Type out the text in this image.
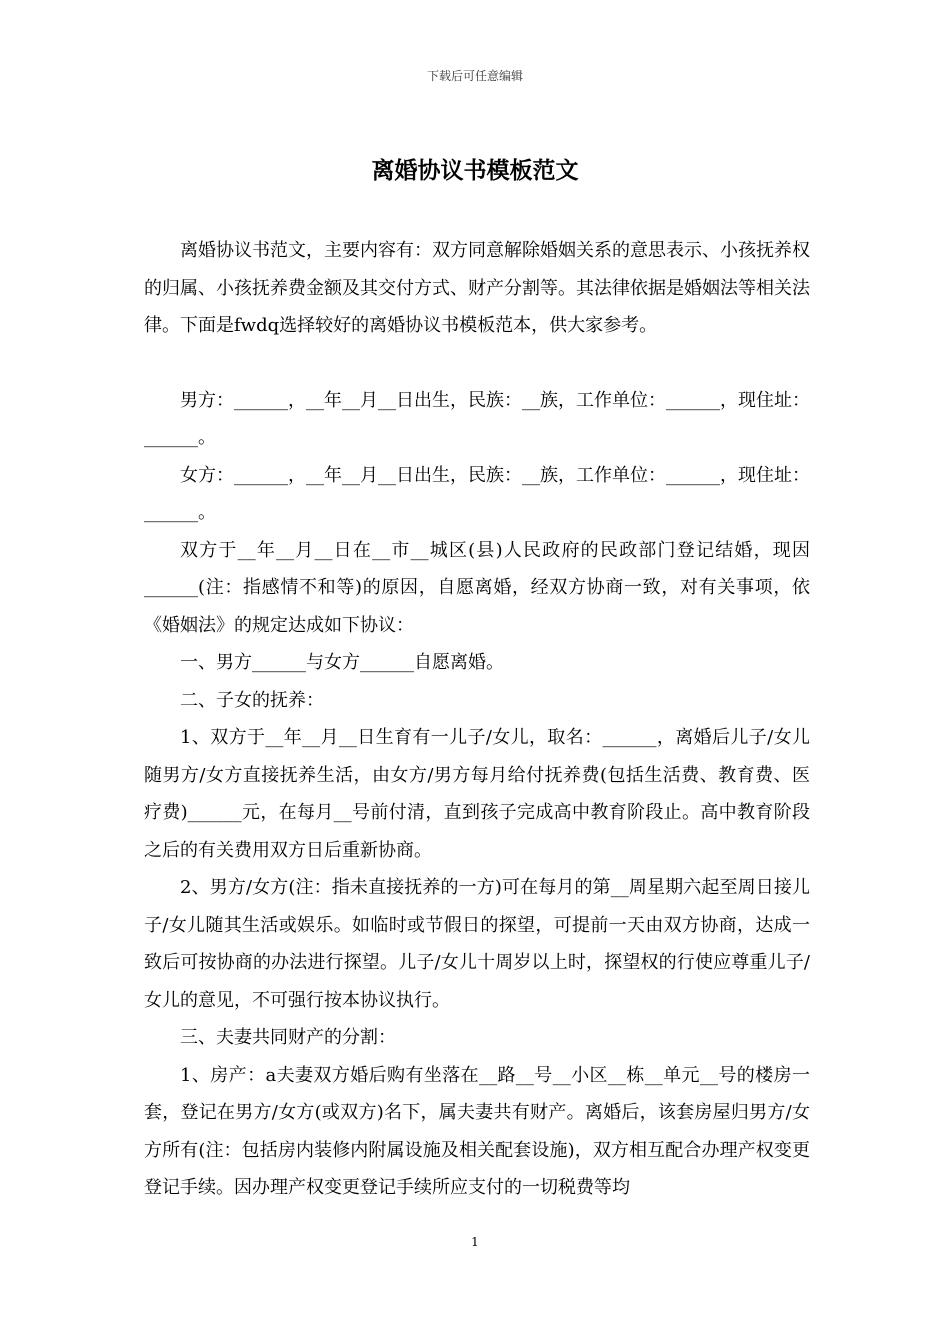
下载后可任意编辑
离婚协议书模板范文

离婚协议书范文，主要内容有：双方同意解除婚姻关系的意思表示、小孩抚养权的归属、小孩抚养费金额及其交付方式、财产分割等。其法律依据是婚姻法等相关法律。下面是fwdq选择较好的离婚协议书模板范本，供大家参考。

男方：______，__年__月__日出生，民族：__族，工作单位：______，现住址：______。

女方：______，__年__月__日出生，民族：__族，工作单位：______，现住址：______。

双方于__年__月__日在__市__城区(县)人民政府的民政部门登记结婚，现因______(注：指感情不和等)的原因，自愿离婚，经双方协商一致，对有关事项，依《婚姻法》的规定达成如下协议：

一、男方______与女方______自愿离婚。

二、子女的抚养：

1、双方于__年__月__日生育有一儿子/女儿，取名：______，离婚后儿子/女儿随男方/女方直接抚养生活，由女方/男方每月给付抚养费(包括生活费、教育费、医疗费)______元，在每月__号前付清，直到孩子完成高中教育阶段止。高中教育阶段之后的有关费用双方日后重新协商。

2、男方/女方(注：指未直接抚养的一方)可在每月的第__周星期六起至周日接儿子/女儿随其生活或娱乐。如临时或节假日的探望，可提前一天由双方协商，达成一致后可按协商的办法进行探望。儿子/女儿十周岁以上时，探望权的行使应尊重儿子/女儿的意见，不可强行按本协议执行。

三、夫妻共同财产的分割：

1、房产：a夫妻双方婚后购有坐落在__路__号__小区__栋__单元__号的楼房一套，登记在男方/女方(或双方)名下，属夫妻共有财产。离婚后，该套房屋归男方/女方所有(注：包括房内装修内附属设施及相关配套设施)，双方相互配合办理产权变更登记手续。因办理产权变更登记手续所应支付的一切税费等均

1
